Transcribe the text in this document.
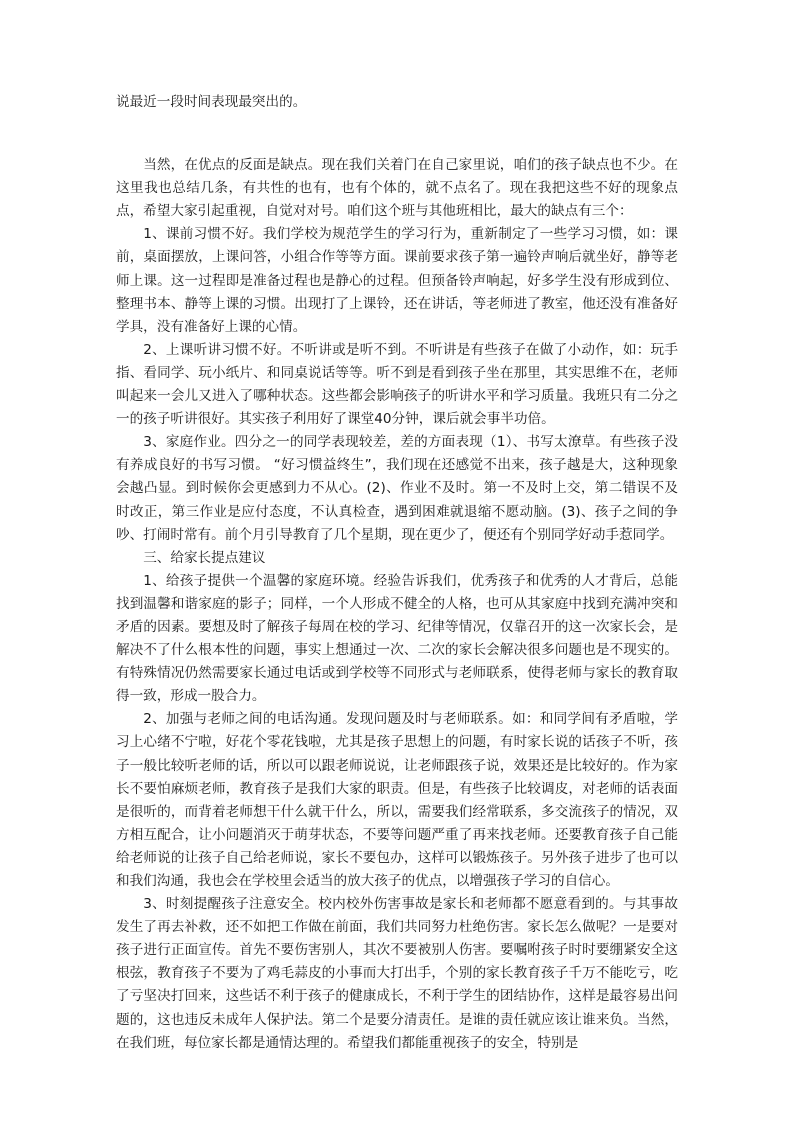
说最近一段时间表现最突出的。

当然，在优点的反面是缺点。现在我们关着门在自己家里说，咱们的孩子缺点也不少。在这里我也总结几条，有共性的也有，也有个体的，就不点名了。现在我把这些不好的现象点点，希望大家引起重视，自觉对对号。咱们这个班与其他班相比，最大的缺点有三个：

1、课前习惯不好。我们学校为规范学生的学习行为，重新制定了一些学习习惯，如：课前，桌面摆放，上课问答，小组合作等等方面。课前要求孩子第一遍铃声响后就坐好，静等老师上课。这一过程即是准备过程也是静心的过程。但预备铃声响起，好多学生没有形成到位、整理书本、静等上课的习惯。出现打了上课铃，还在讲话，等老师进了教室，他还没有准备好学具，没有准备好上课的心情。

2、上课听讲习惯不好。不听讲或是听不到。不听讲是有些孩子在做了小动作，如：玩手指、看同学、玩小纸片、和同桌说话等等。听不到是看到孩子坐在那里，其实思维不在，老师叫起来一会儿又进入了哪种状态。这些都会影响孩子的听讲水平和学习质量。我班只有二分之一的孩子听讲很好。其实孩子利用好了课堂40分钟，课后就会事半功倍。

3、家庭作业。四分之一的同学表现较差，差的方面表现（1）、书写太潦草。有些孩子没有养成良好的书写习惯。 “好习惯益终生”，我们现在还感觉不出来，孩子越是大，这种现象会越凸显。到时候你会更感到力不从心。(2)、作业不及时。第一不及时上交，第二错误不及时改正，第三作业是应付态度，不认真检查，遇到困难就退缩不愿动脑。(3)、孩子之间的争吵、打闹时常有。前个月引导教育了几个星期，现在更少了，便还有个别同学好动手惹同学。

三、给家长提点建议

1、给孩子提供一个温馨的家庭环境。经验告诉我们，优秀孩子和优秀的人才背后，总能找到温馨和谐家庭的影子；同样，一个人形成不健全的人格，也可从其家庭中找到充满冲突和矛盾的因素。要想及时了解孩子每周在校的学习、纪律等情况，仅靠召开的这一次家长会，是解决不了什么根本性的问题，事实上想通过一次、二次的家长会解决很多问题也是不现实的。有特殊情况仍然需要家长通过电话或到学校等不同形式与老师联系，使得老师与家长的教育取得一致，形成一股合力。

2、加强与老师之间的电话沟通。发现问题及时与老师联系。如：和同学间有矛盾啦，学习上心绪不宁啦，好花个零花钱啦，尤其是孩子思想上的问题，有时家长说的话孩子不听，孩子一般比较听老师的话，所以可以跟老师说说，让老师跟孩子说，效果还是比较好的。作为家长不要怕麻烦老师，教育孩子是我们大家的职责。但是，有些孩子比较调皮，对老师的话表面是很听的，而背着老师想干什么就干什么，所以，需要我们经常联系，多交流孩子的情况，双方相互配合，让小问题消灭于萌芽状态，不要等问题严重了再来找老师。还要教育孩子自己能给老师说的让孩子自己给老师说，家长不要包办，这样可以锻炼孩子。另外孩子进步了也可以和我们沟通，我也会在学校里会适当的放大孩子的优点，以增强孩子学习的自信心。

3、时刻提醒孩子注意安全。校内校外伤害事故是家长和老师都不愿意看到的。与其事故发生了再去补救，还不如把工作做在前面，我们共同努力杜绝伤害。家长怎么做呢？一是要对孩子进行正面宣传。首先不要伤害别人，其次不要被别人伤害。要嘱咐孩子时时要绷紧安全这根弦，教育孩子不要为了鸡毛蒜皮的小事而大打出手，个别的家长教育孩子千万不能吃亏，吃了亏坚决打回来，这些话不利于孩子的健康成长，不利于学生的团结协作，这样是最容易出问题的，这也违反未成年人保护法。第二个是要分清责任。是谁的责任就应该让谁来负。当然，在我们班，每位家长都是通情达理的。希望我们都能重视孩子的安全，特别是
